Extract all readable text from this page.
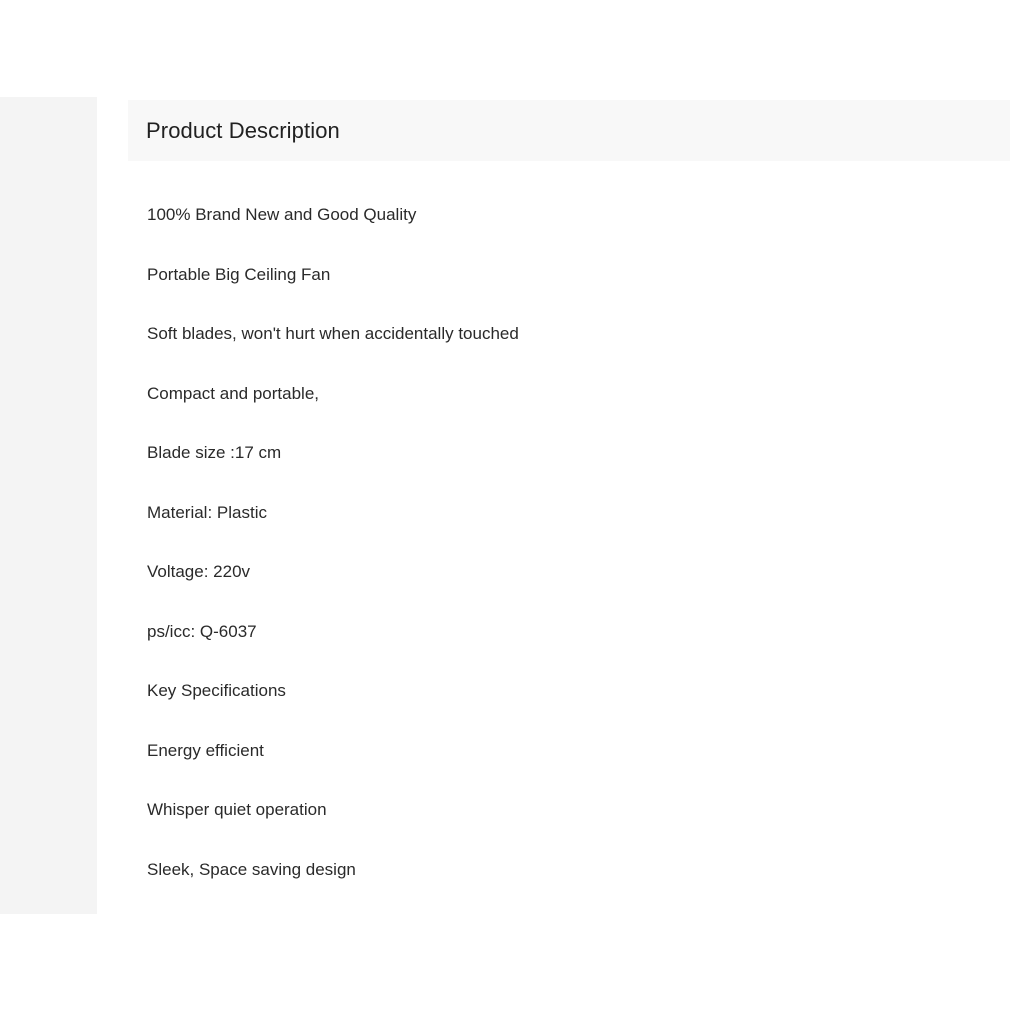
Product Description
100% Brand New and Good Quality
Portable Big Ceiling Fan
Soft blades, won't hurt when accidentally touched
Compact and portable,
Blade size :17 cm
Material: Plastic
Voltage: 220v
ps/icc: Q-6037
Key Specifications
Energy efficient
Whisper quiet operation
Sleek, Space saving design
